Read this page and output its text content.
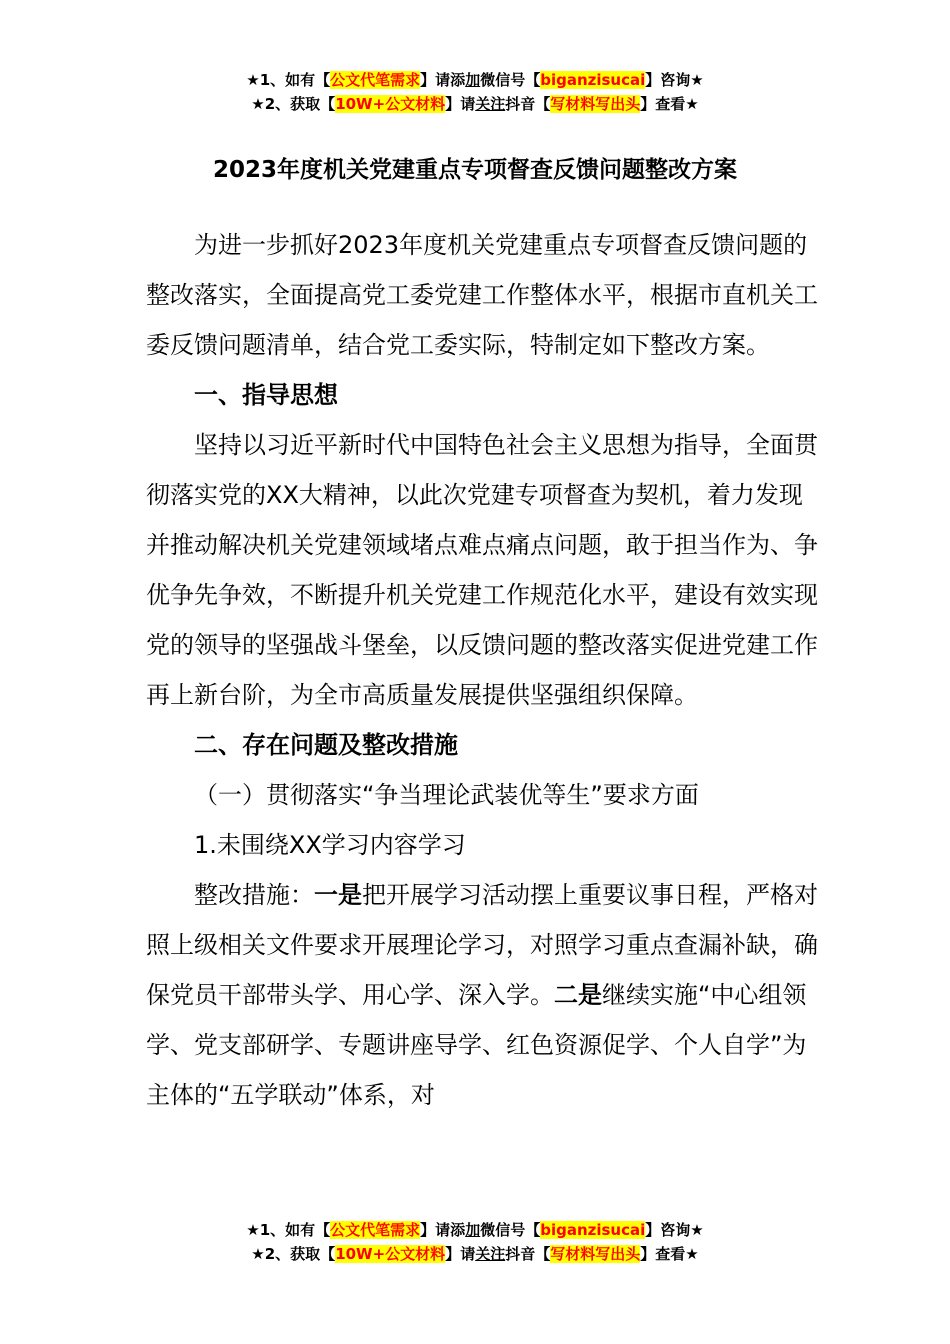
★1、如有【公文代笔需求】请添加微信号【biganzisucai】咨询★
★2、获取【10W+公文材料】请关注抖音【写材料写出头】查看★
2023年度机关党建重点专项督查反馈问题整改方案

为进一步抓好2023年度机关党建重点专项督查反馈问题的整改落实，全面提高党工委党建工作整体水平，根据市直机关工委反馈问题清单，结合党工委实际，特制定如下整改方案。

一、指导思想

坚持以习近平新时代中国特色社会主义思想为指导，全面贯彻落实党的XX大精神，以此次党建专项督查为契机，着力发现并推动解决机关党建领域堵点难点痛点问题，敢于担当作为、争优争先争效，不断提升机关党建工作规范化水平，建设有效实现党的领导的坚强战斗堡垒，以反馈问题的整改落实促进党建工作再上新台阶，为全市高质量发展提供坚强组织保障。

二、存在问题及整改措施

（一）贯彻落实“争当理论武装优等生”要求方面

1.未围绕XX学习内容学习

整改措施：一是把开展学习活动摆上重要议事日程，严格对照上级相关文件要求开展理论学习，对照学习重点查漏补缺，确保党员干部带头学、用心学、深入学。二是继续实施“中心组领学、党支部研学、专题讲座导学、红色资源促学、个人自学”为主体的“五学联动”体系，对

★1、如有【公文代笔需求】请添加微信号【biganzisucai】咨询★
★2、获取【10W+公文材料】请关注抖音【写材料写出头】查看★
